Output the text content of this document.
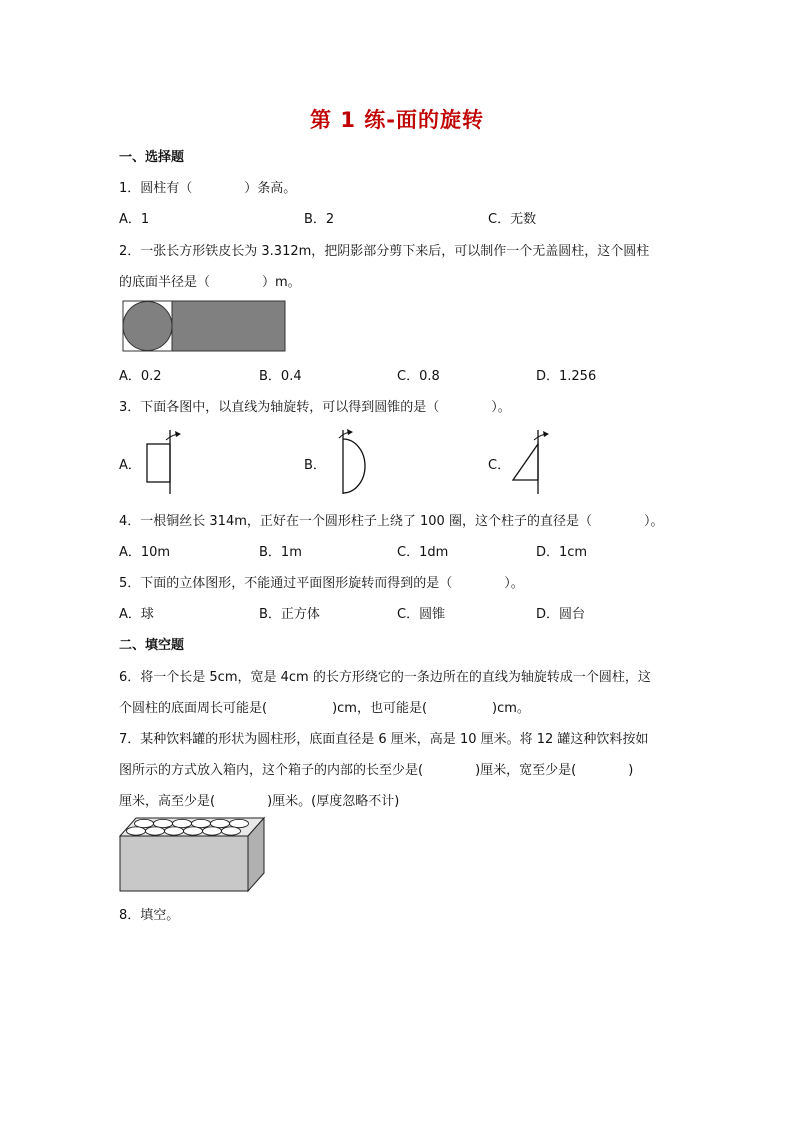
第 1 练-面的旋转
一、选择题
1．圆柱有（　　　　）条高。
A．1	B．2	C．无数
2．一张长方形铁皮长为 3.312m，把阴影部分剪下来后，可以制作一个无盖圆柱，这个圆柱
的底面半径是（　　　　）m。
A．0.2	B．0.4	C．0.8	D．1.256
3．下面各图中，以直线为轴旋转，可以得到圆锥的是（　　　　）。
A．	B．	C．
4．一根铜丝长 314m，正好在一个圆形柱子上绕了 100 圈，这个柱子的直径是（　　　　）。
A．10m	B．1m	C．1dm	D．1cm
5．下面的立体图形，不能通过平面图形旋转而得到的是（　　　　）。
A．球	B．正方体	C．圆锥	D．圆台
二、填空题
6．将一个长是 5cm，宽是 4cm 的长方形绕它的一条边所在的直线为轴旋转成一个圆柱，这
个圆柱的底面周长可能是(　　　　　)cm，也可能是(　　　　　)cm。
7．某种饮料罐的形状为圆柱形，底面直径是 6 厘米，高是 10 厘米。将 12 罐这种饮料按如
图所示的方式放入箱内，这个箱子的内部的长至少是(　　　　)厘米，宽至少是(　　　　)
厘米，高至少是(　　　　)厘米。(厚度忽略不计)
8．填空。
